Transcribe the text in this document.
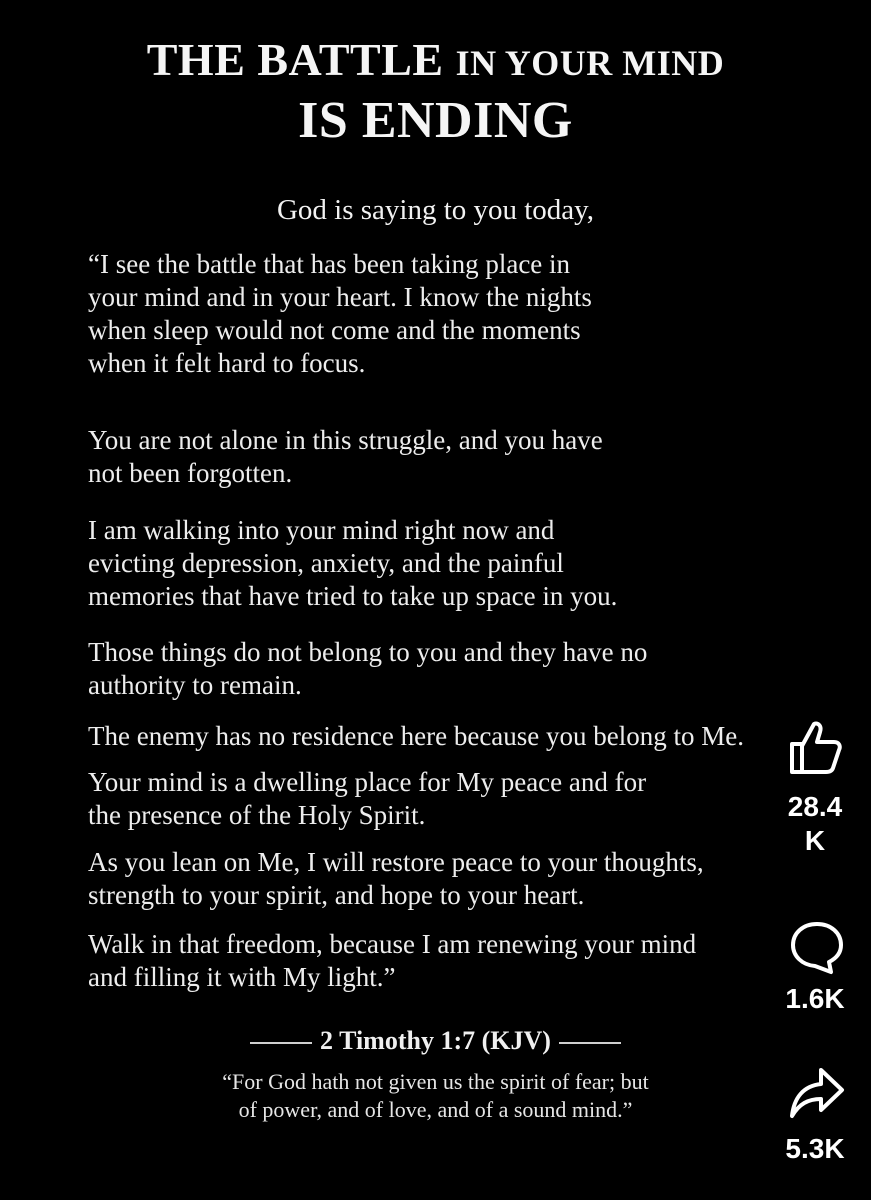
THE BATTLE IN YOUR MIND
IS ENDING
God is saying to you today,

“I see the battle that has been taking place in
your mind and in your heart. I know the nights
when sleep would not come and the moments
when it felt hard to focus.

You are not alone in this struggle, and you have
not been forgotten.

I am walking into your mind right now and
evicting depression, anxiety, and the painful
memories that have tried to take up space in you.

Those things do not belong to you and they have no
authority to remain.

The enemy has no residence here because you belong to Me.

Your mind is a dwelling place for My peace and for
the presence of the Holy Spirit.

As you lean on Me, I will restore peace to your thoughts,
strength to your spirit, and hope to your heart.

Walk in that freedom, because I am renewing your mind
and filling it with My light.”

2 Timothy 1:7 (KJV)
“For God hath not given us the spirit of fear; but
of power, and of love, and of a sound mind.”
28.4
K
1.6K
5.3K
